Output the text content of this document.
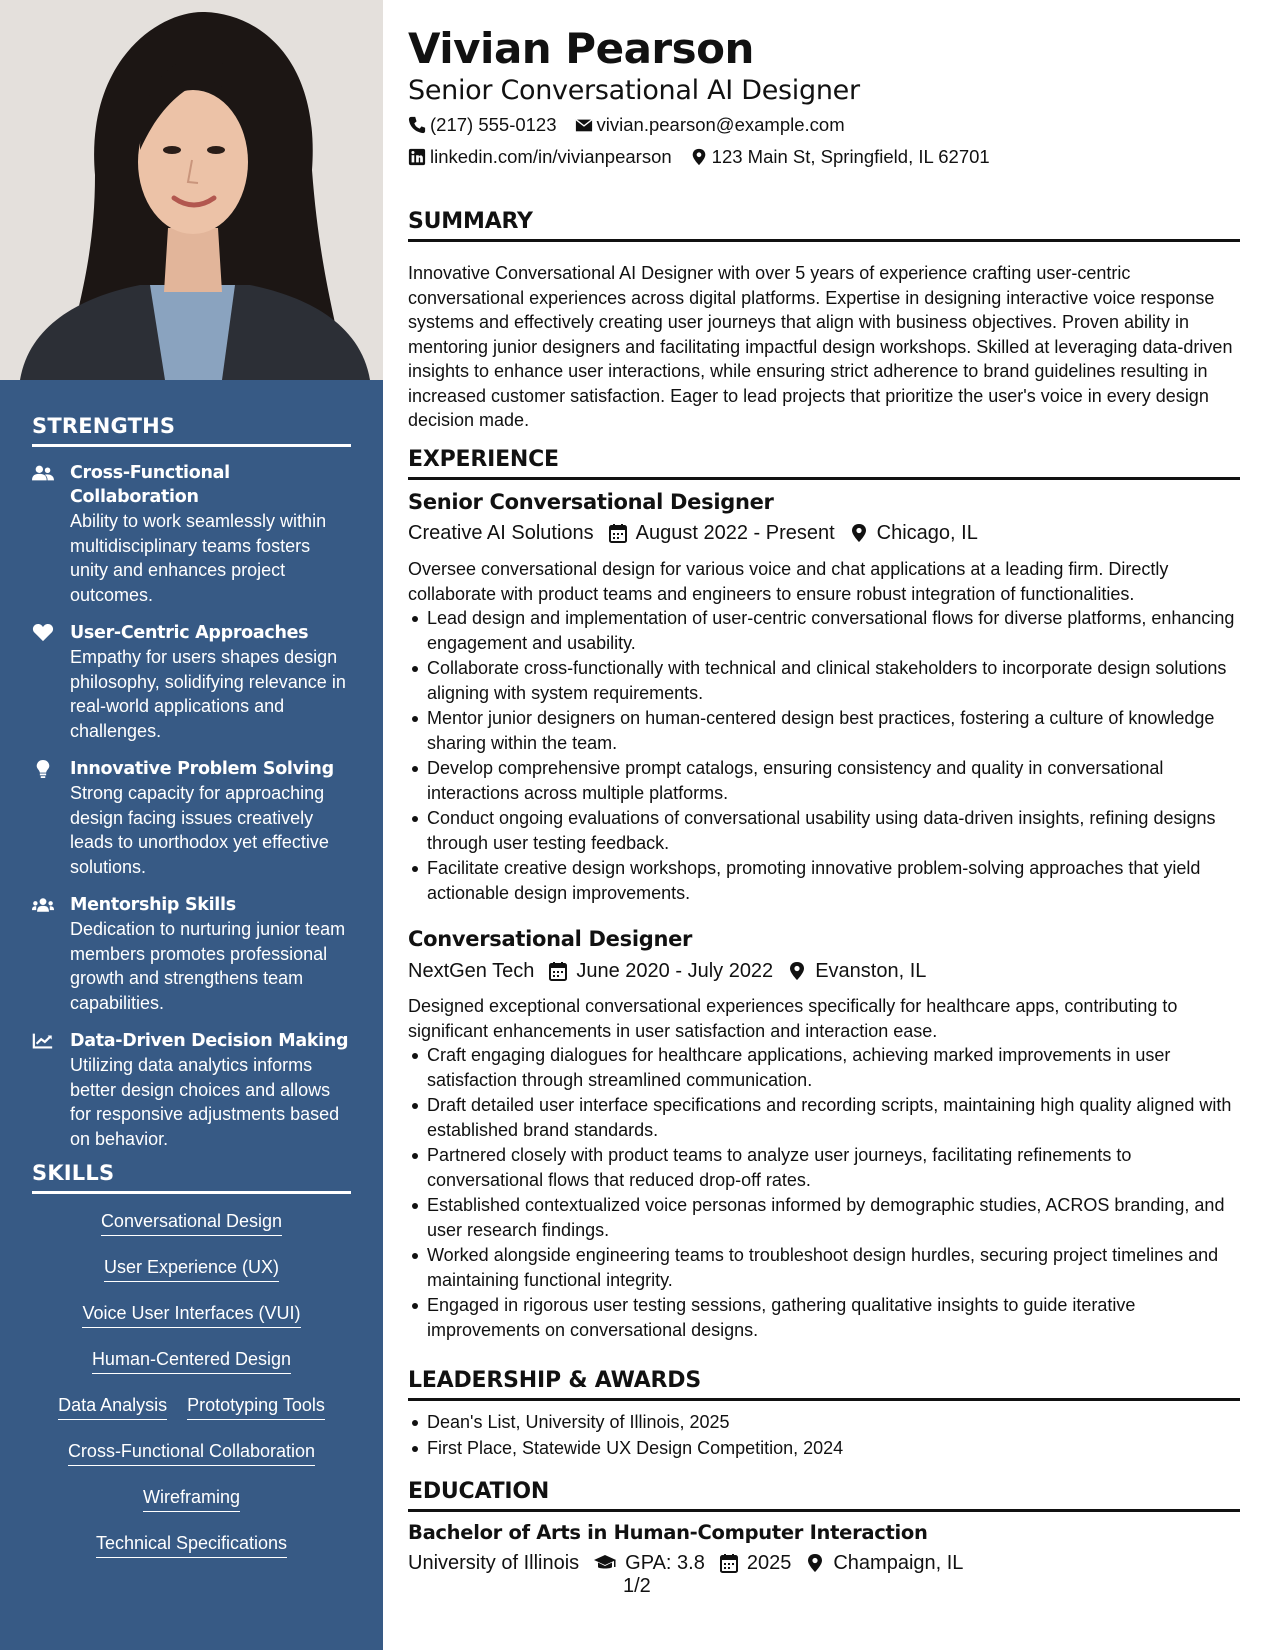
STRENGTHS
Cross-Functional Collaboration
Ability to work seamlessly within multidisciplinary teams fosters unity and enhances project outcomes.
User-Centric Approaches
Empathy for users shapes design philosophy, solidifying relevance in real-world applications and challenges.
Innovative Problem Solving
Strong capacity for approaching design facing issues creatively leads to unorthodox yet effective solutions.
Mentorship Skills
Dedication to nurturing junior team members promotes professional growth and strengthens team capabilities.
Data-Driven Decision Making
Utilizing data analytics informs better design choices and allows for responsive adjustments based on behavior.
SKILLS
Conversational Design
User Experience (UX)
Voice User Interfaces (VUI)
Human-Centered Design
Data Analysis Prototyping Tools
Cross-Functional Collaboration
Wireframing
Technical Specifications
Vivian Pearson
Senior Conversational AI Designer
(217) 555-0123 vivian.pearson@example.com
linkedin.com/in/vivianpearson 123 Main St, Springfield, IL 62701
SUMMARY
Innovative Conversational AI Designer with over 5 years of experience crafting user-centric conversational experiences across digital platforms. Expertise in designing interactive voice response systems and effectively creating user journeys that align with business objectives. Proven ability in mentoring junior designers and facilitating impactful design workshops. Skilled at leveraging data-driven insights to enhance user interactions, while ensuring strict adherence to brand guidelines resulting in increased customer satisfaction. Eager to lead projects that prioritize the user's voice in every design decision made.
EXPERIENCE
Senior Conversational Designer
Creative AI Solutions August 2022 - Present Chicago, IL
Oversee conversational design for various voice and chat applications at a leading firm. Directly collaborate with product teams and engineers to ensure robust integration of functionalities.
Lead design and implementation of user-centric conversational flows for diverse platforms, enhancing engagement and usability.
Collaborate cross-functionally with technical and clinical stakeholders to incorporate design solutions aligning with system requirements.
Mentor junior designers on human-centered design best practices, fostering a culture of knowledge sharing within the team.
Develop comprehensive prompt catalogs, ensuring consistency and quality in conversational interactions across multiple platforms.
Conduct ongoing evaluations of conversational usability using data-driven insights, refining designs through user testing feedback.
Facilitate creative design workshops, promoting innovative problem-solving approaches that yield actionable design improvements.
Conversational Designer
NextGen Tech June 2020 - July 2022 Evanston, IL
Designed exceptional conversational experiences specifically for healthcare apps, contributing to significant enhancements in user satisfaction and interaction ease.
Craft engaging dialogues for healthcare applications, achieving marked improvements in user satisfaction through streamlined communication.
Draft detailed user interface specifications and recording scripts, maintaining high quality aligned with established brand standards.
Partnered closely with product teams to analyze user journeys, facilitating refinements to conversational flows that reduced drop-off rates.
Established contextualized voice personas informed by demographic studies, ACROS branding, and user research findings.
Worked alongside engineering teams to troubleshoot design hurdles, securing project timelines and maintaining functional integrity.
Engaged in rigorous user testing sessions, gathering qualitative insights to guide iterative improvements on conversational designs.
LEADERSHIP & AWARDS
Dean's List, University of Illinois, 2025
First Place, Statewide UX Design Competition, 2024
EDUCATION
Bachelor of Arts in Human-Computer Interaction
University of Illinois GPA: 3.8 2025 Champaign, IL
1/2
